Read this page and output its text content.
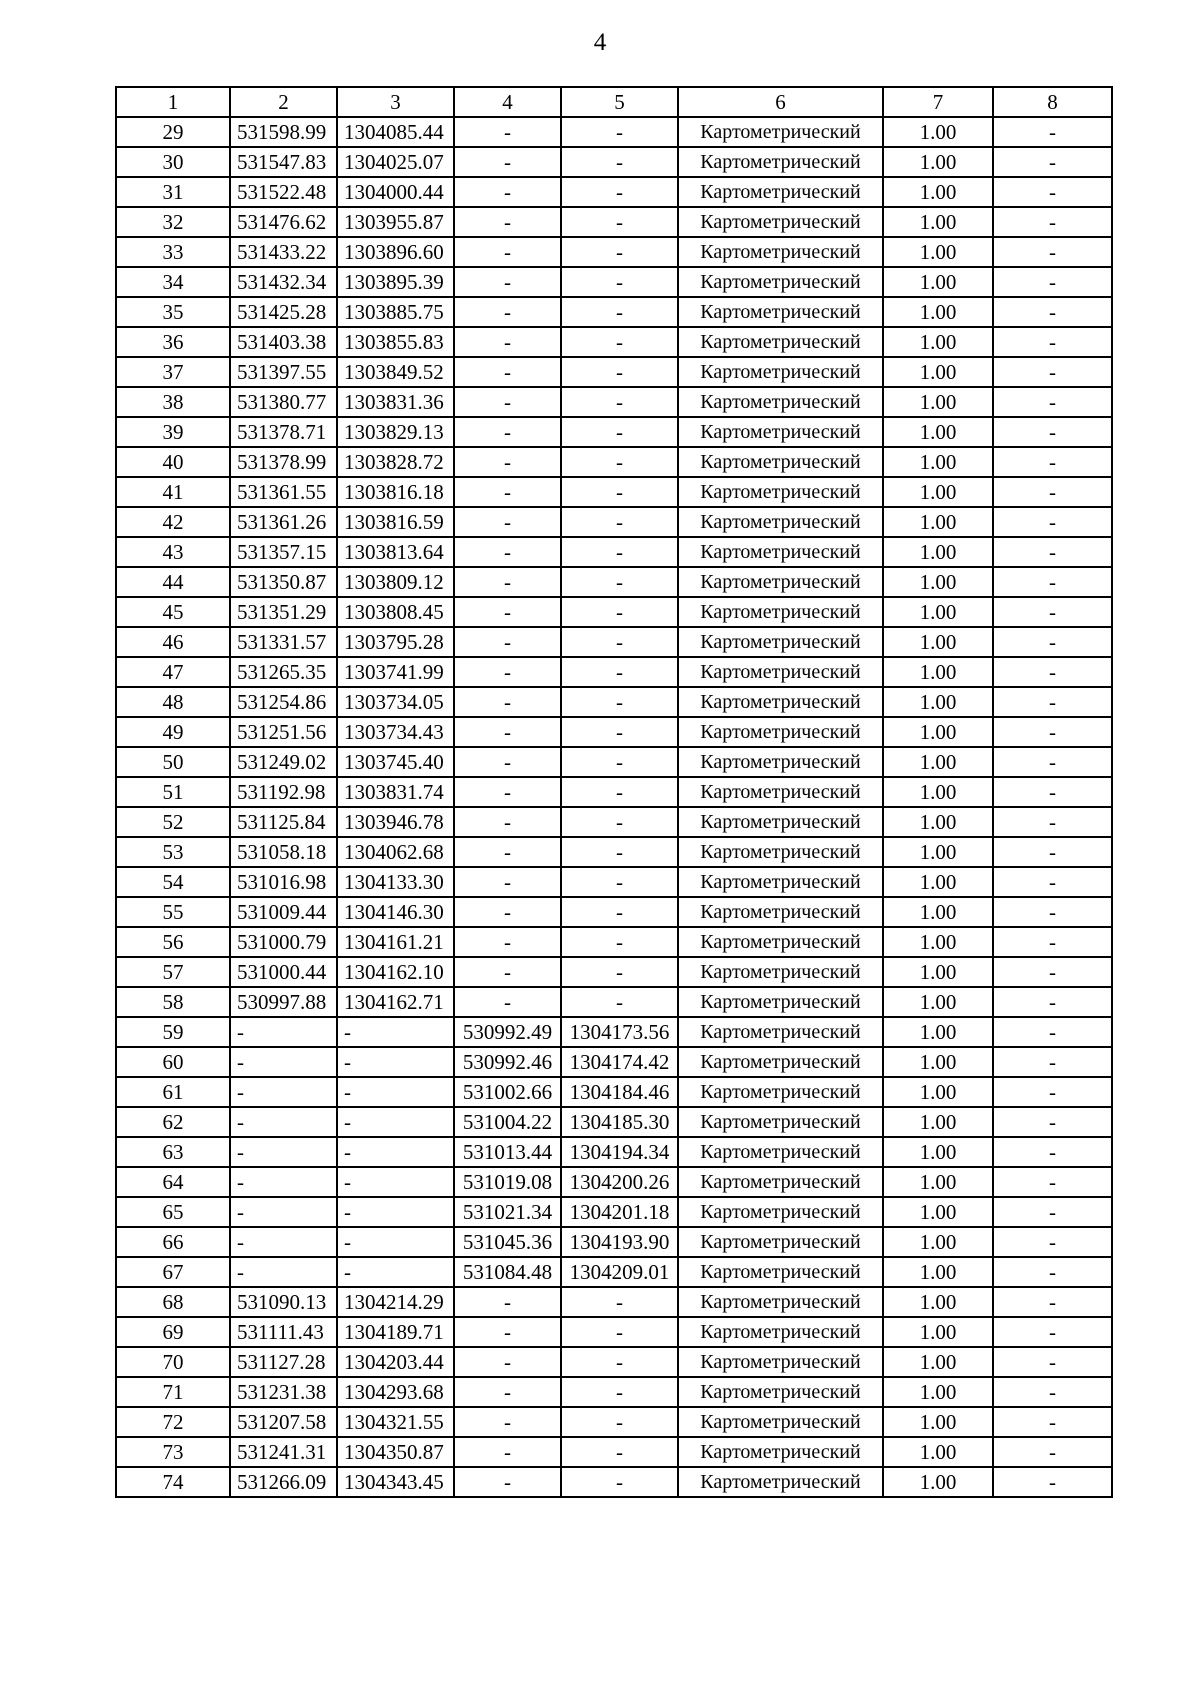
4
1	2	3	4	5	6	7	8
29	531598.99	1304085.44	-	-	Картометрический	1.00	-
30	531547.83	1304025.07	-	-	Картометрический	1.00	-
31	531522.48	1304000.44	-	-	Картометрический	1.00	-
32	531476.62	1303955.87	-	-	Картометрический	1.00	-
33	531433.22	1303896.60	-	-	Картометрический	1.00	-
34	531432.34	1303895.39	-	-	Картометрический	1.00	-
35	531425.28	1303885.75	-	-	Картометрический	1.00	-
36	531403.38	1303855.83	-	-	Картометрический	1.00	-
37	531397.55	1303849.52	-	-	Картометрический	1.00	-
38	531380.77	1303831.36	-	-	Картометрический	1.00	-
39	531378.71	1303829.13	-	-	Картометрический	1.00	-
40	531378.99	1303828.72	-	-	Картометрический	1.00	-
41	531361.55	1303816.18	-	-	Картометрический	1.00	-
42	531361.26	1303816.59	-	-	Картометрический	1.00	-
43	531357.15	1303813.64	-	-	Картометрический	1.00	-
44	531350.87	1303809.12	-	-	Картометрический	1.00	-
45	531351.29	1303808.45	-	-	Картометрический	1.00	-
46	531331.57	1303795.28	-	-	Картометрический	1.00	-
47	531265.35	1303741.99	-	-	Картометрический	1.00	-
48	531254.86	1303734.05	-	-	Картометрический	1.00	-
49	531251.56	1303734.43	-	-	Картометрический	1.00	-
50	531249.02	1303745.40	-	-	Картометрический	1.00	-
51	531192.98	1303831.74	-	-	Картометрический	1.00	-
52	531125.84	1303946.78	-	-	Картометрический	1.00	-
53	531058.18	1304062.68	-	-	Картометрический	1.00	-
54	531016.98	1304133.30	-	-	Картометрический	1.00	-
55	531009.44	1304146.30	-	-	Картометрический	1.00	-
56	531000.79	1304161.21	-	-	Картометрический	1.00	-
57	531000.44	1304162.10	-	-	Картометрический	1.00	-
58	530997.88	1304162.71	-	-	Картометрический	1.00	-
59	-	-	530992.49	1304173.56	Картометрический	1.00	-
60	-	-	530992.46	1304174.42	Картометрический	1.00	-
61	-	-	531002.66	1304184.46	Картометрический	1.00	-
62	-	-	531004.22	1304185.30	Картометрический	1.00	-
63	-	-	531013.44	1304194.34	Картометрический	1.00	-
64	-	-	531019.08	1304200.26	Картометрический	1.00	-
65	-	-	531021.34	1304201.18	Картометрический	1.00	-
66	-	-	531045.36	1304193.90	Картометрический	1.00	-
67	-	-	531084.48	1304209.01	Картометрический	1.00	-
68	531090.13	1304214.29	-	-	Картометрический	1.00	-
69	531111.43	1304189.71	-	-	Картометрический	1.00	-
70	531127.28	1304203.44	-	-	Картометрический	1.00	-
71	531231.38	1304293.68	-	-	Картометрический	1.00	-
72	531207.58	1304321.55	-	-	Картометрический	1.00	-
73	531241.31	1304350.87	-	-	Картометрический	1.00	-
74	531266.09	1304343.45	-	-	Картометрический	1.00	-
